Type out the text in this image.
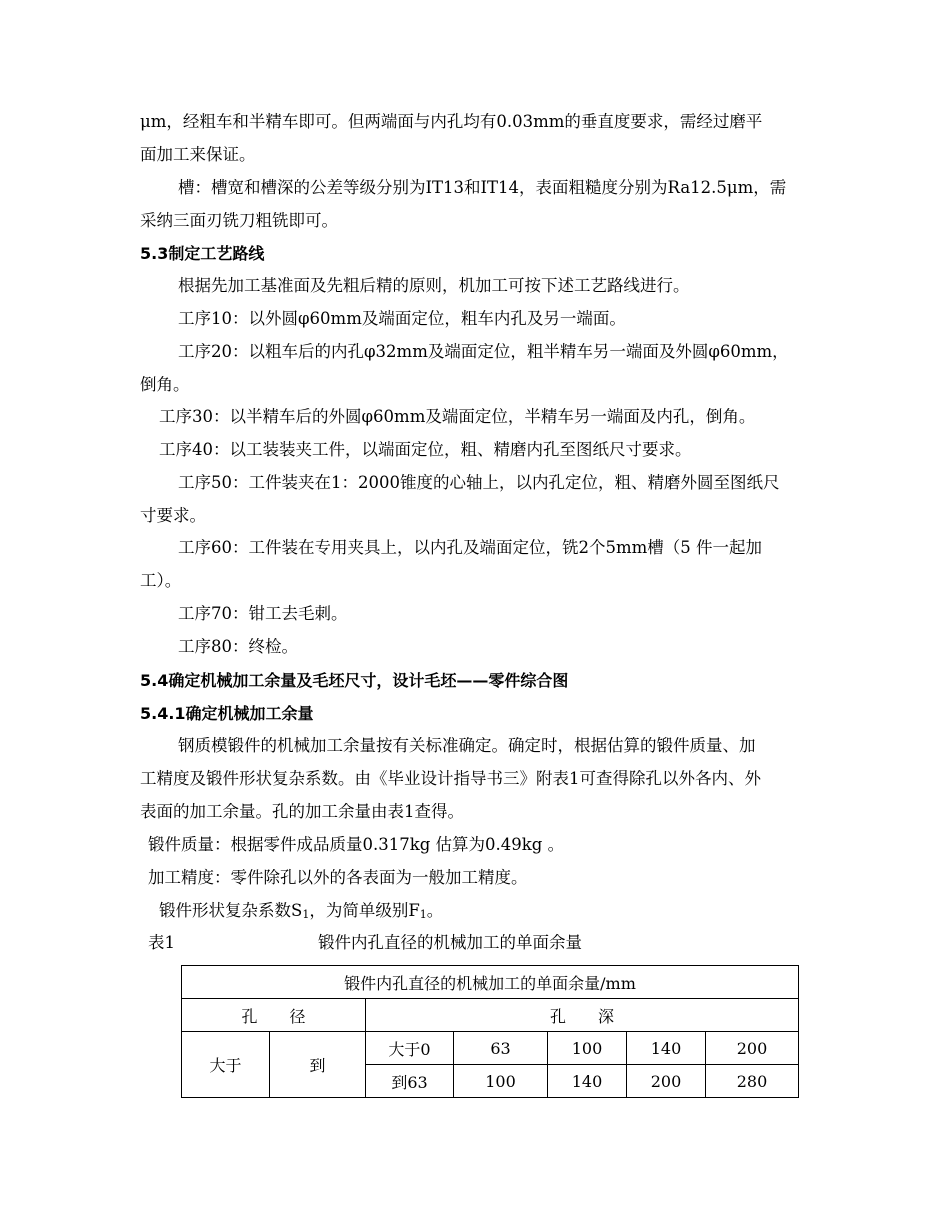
μm，经粗车和半精车即可。但两端面与内孔均有0.03mm的垂直度要求，需经过磨平
面加工来保证。
槽：槽宽和槽深的公差等级分别为IT13和IT14，表面粗糙度分别为Ra12.5μm，需
采纳三面刃铣刀粗铣即可。
5.3制定工艺路线
根据先加工基准面及先粗后精的原则，机加工可按下述工艺路线进行。
工序10：以外圆φ60mm及端面定位，粗车内孔及另一端面。
工序20：以粗车后的内孔φ32mm及端面定位，粗半精车另一端面及外圆φ60mm，
倒角。
工序30：以半精车后的外圆φ60mm及端面定位，半精车另一端面及内孔，倒角。
工序40：以工装装夹工件，以端面定位，粗、精磨内孔至图纸尺寸要求。
工序50：工件装夹在1：2000锥度的心轴上，以内孔定位，粗、精磨外圆至图纸尺
寸要求。
工序60：工件装在专用夹具上，以内孔及端面定位，铣2个5mm槽（5 件一起加
工）。
工序70：钳工去毛刺。
工序80：终检。
5.4确定机械加工余量及毛坯尺寸，设计毛坯——零件综合图
5.4.1确定机械加工余量
钢质模锻件的机械加工余量按有关标准确定。确定时，根据估算的锻件质量、加
工精度及锻件形状复杂系数。由《毕业设计指导书三》附表1可查得除孔以外各内、外
表面的加工余量。孔的加工余量由表1查得。
锻件质量：根据零件成品质量0.317kg 估算为0.49kg 。
加工精度：零件除孔以外的各表面为一般加工精度。
锻件形状复杂系数S1，为简单级别F1。
表1	锻件内孔直径的机械加工的单面余量
锻件内孔直径的机械加工的单面余量/mm						
孔　　径		孔　　深				
大于	到	大于0	63	100	140	200
		到63	100	140	200	280
